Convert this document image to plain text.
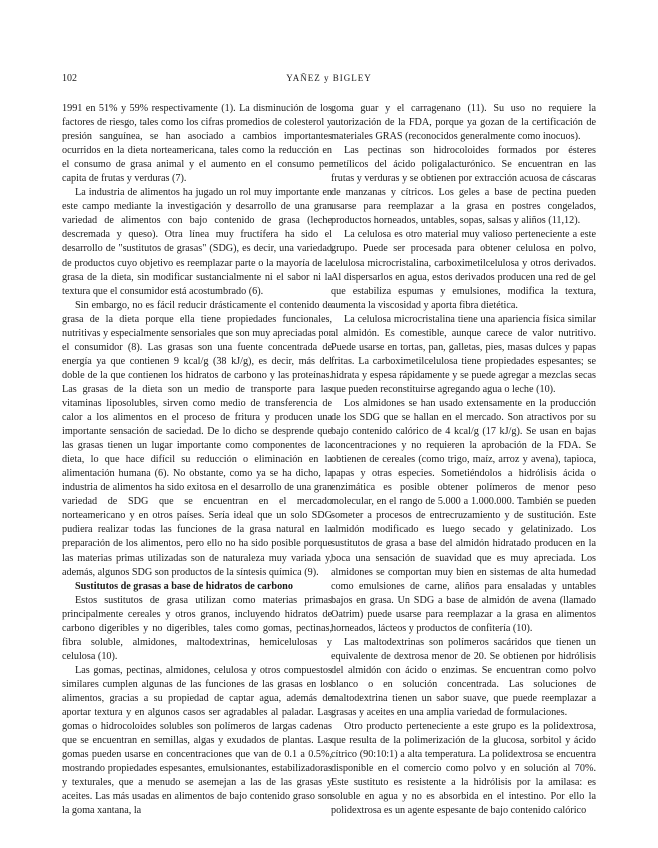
102	YAÑEZ y BIGLEY

1991 en 51% y 59% respectivamente (1). La disminución de los factores de riesgo, tales como los cifras promedios de colesterol y presión sanguínea, se han asociado a cambios importantes ocurridos en la dieta norteamericana, tales como la reducción en el consumo de grasa animal y el aumento en el consumo per capita de frutas y verduras (7).

La industria de alimentos ha jugado un rol muy importante en este campo mediante la investigación y desarrollo de una gran variedad de alimentos con bajo contenido de grasa (leche descremada y queso). Otra línea muy fructífera ha sido el desarrollo de "sustitutos de grasas" (SDG), es decir, una variedad de productos cuyo objetivo es reemplazar parte o la mayoría de la grasa de la dieta, sin modificar sustancialmente ni el sabor ni la textura que el consumidor está acostumbrado (6).

Sin embargo, no es fácil reducir drásticamente el contenido de grasa de la dieta porque ella tiene propiedades funcionales, nutritivas y especialmente sensoriales que son muy apreciadas por el consumidor (8). Las grasas son una fuente concentrada de energía ya que contienen 9 kcal/g (38 kJ/g), es decir, más del doble de la que contienen los hidratos de carbono y las proteínas. Las grasas de la dieta son un medio de transporte para las vitaminas liposolubles, sirven como medio de transferencia de calor a los alimentos en el proceso de fritura y producen una importante sensación de saciedad. De lo dicho se desprende que las grasas tienen un lugar importante como componentes de la dieta, lo que hace difícil su reducción o eliminación en la alimentación humana (6). No obstante, como ya se ha dicho, la industria de alimentos ha sido exitosa en el desarrollo de una gran variedad de SDG que se encuentran en el mercado norteamericano y en otros países. Sería ideal que un solo SDG pudiera realizar todas las funciones de la grasa natural en la preparación de los alimentos, pero ello no ha sido posible porque las materias primas utilizadas son de naturaleza muy variada y, además, algunos SDG son productos de la síntesis química (9).

Sustitutos de grasas a base de hidratos de carbono

Estos sustitutos de grasa utilizan como materias primas principalmente cereales y otros granos, incluyendo hidratos de carbono digeribles y no digeribles, tales como gomas, pectinas, fibra soluble, almidones, maltodextrinas, hemicelulosas y celulosa (10).

Las gomas, pectinas, almidones, celulosa y otros compuestos similares cumplen algunas de las funciones de las grasas en los alimentos, gracias a su propiedad de captar agua, además de aportar textura y en algunos casos ser agradables al paladar. Las gomas o hidrocoloides solubles son polímeros de largas cadenas que se encuentran en semillas, algas y exudados de plantas. Las gomas pueden usarse en concentraciones que van de 0.1 a 0.5%, mostrando propiedades espesantes, emulsionantes, estabilizadoras y texturales, que a menudo se asemejan a las de las grasas y aceites. Las más usadas en alimentos de bajo contenido graso son la goma xantana, la

goma guar y el carragenano (11). Su uso no requiere la autorización de la FDA, porque ya gozan de la certificación de materiales GRAS (reconocidos generalmente como inocuos).

Las pectinas son hidrocoloides formados por ésteres metílicos del ácido poligalacturónico. Se encuentran en las frutas y verduras y se obtienen por extracción acuosa de cáscaras de manzanas y cítricos. Los geles a base de pectina pueden usarse para reemplazar a la grasa en postres congelados, productos horneados, untables, sopas, salsas y aliños (11,12).

La celulosa es otro material muy valioso perteneciente a este grupo. Puede ser procesada para obtener celulosa en polvo, celulosa microcristalina, carboximetilcelulosa y otros derivados. Al dispersarlos en agua, estos derivados producen una red de gel que estabiliza espumas y emulsiones, modifica la textura, aumenta la viscosidad y aporta fibra dietética.

La celulosa microcristalina tiene una apariencia física similar al almidón. Es comestible, aunque carece de valor nutritivo. Puede usarse en tortas, pan, galletas, pies, masas dulces y papas fritas. La carboximetilcelulosa tiene propiedades espesantes; se hidrata y espesa rápidamente y se puede agregar a mezclas secas que pueden reconstituirse agregando agua o leche (10).

Los almidones se han usado extensamente en la producción de los SDG que se hallan en el mercado. Son atractivos por su bajo contenido calórico de 4 kcal/g (17 kJ/g). Se usan en bajas concentraciones y no requieren la aprobación de la FDA. Se obtienen de cereales (como trigo, maíz, arroz y avena), tapioca, papas y otras especies. Sometiéndolos a hidrólisis ácida o enzimática es posible obtener polímeros de menor peso molecular, en el rango de 5.000 a 1.000.000. También se pueden someter a procesos de entrecruzamiento y de sustitución. Este almidón modificado es luego secado y gelatinizado. Los sustitutos de grasa a base del almidón hidratado producen en la boca una sensación de suavidad que es muy apreciada. Los almidones se comportan muy bien en sistemas de alta humedad como emulsiones de carne, aliños para ensaladas y untables bajos en grasa. Un SDG a base de almidón de avena (llamado Oatrim) puede usarse para reemplazar a la grasa en alimentos horneados, lácteos y productos de confitería (10).

Las maltodextrinas son polímeros sacáridos que tienen un equivalente de dextrosa menor de 20. Se obtienen por hidrólisis del almidón con ácido o enzimas. Se encuentran como polvo blanco o en solución concentrada. Las soluciones de maltodextrina tienen un sabor suave, que puede reemplazar a grasas y aceites en una amplia variedad de formulaciones.

Otro producto perteneciente a este grupo es la polidextrosa, que resulta de la polimerización de la glucosa, sorbitol y ácido cítrico (90:10:1) a alta temperatura. La polidextrosa se encuentra disponible en el comercio como polvo y en solución al 70%. Este sustituto es resistente a la hidrólisis por la amilasa: es soluble en agua y no es absorbida en el intestino. Por ello la polidextrosa es un agente espesante de bajo contenido calórico
